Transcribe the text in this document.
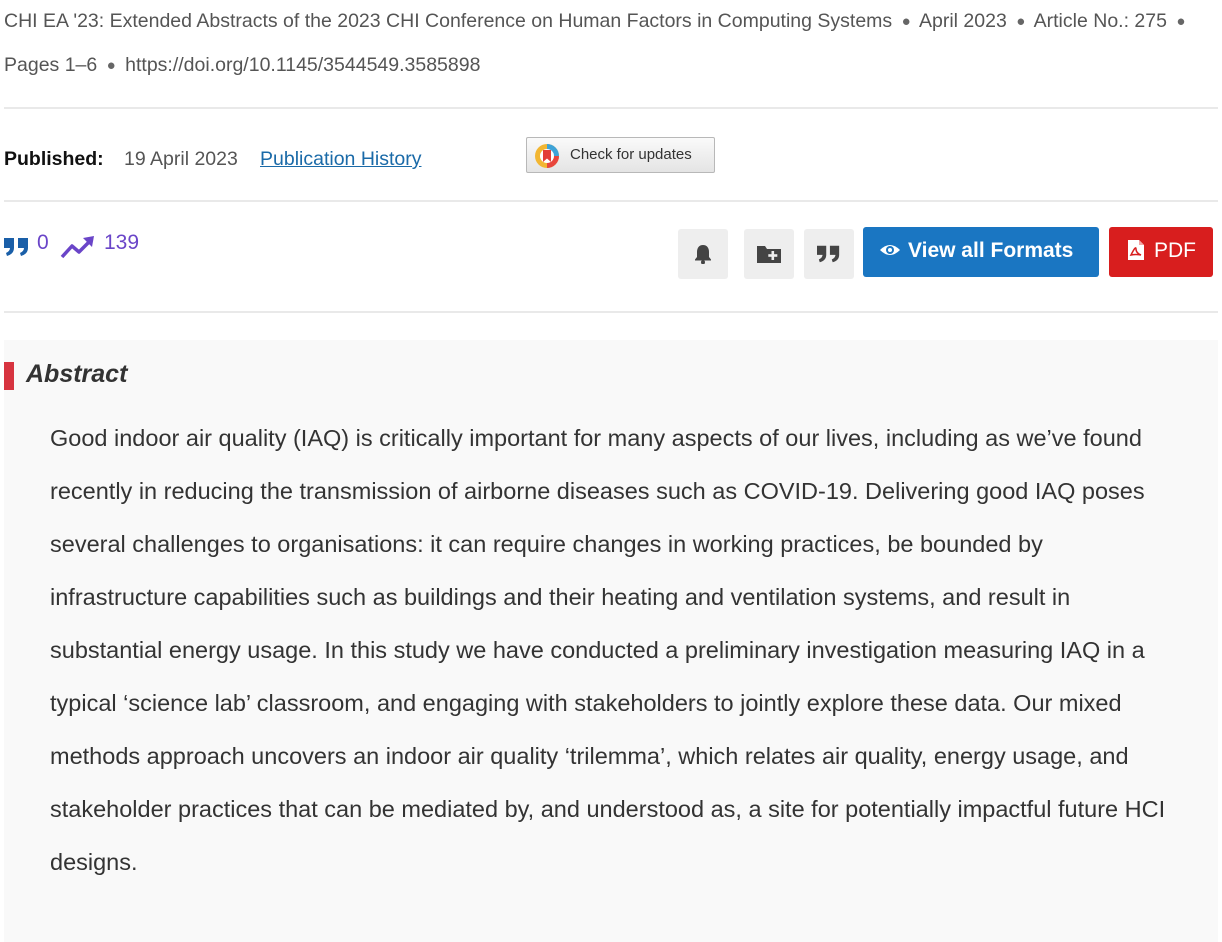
CHI EA '23: Extended Abstracts of the 2023 CHI Conference on Human Factors in Computing Systems ● April 2023 ● Article No.: 275 ● Pages 1–6 ● https://doi.org/10.1145/3544549.3585898
Published: 19 April 2023 Publication History	Check for updates
0	139	View all Formats	PDF
Abstract
Good indoor air quality (IAQ) is critically important for many aspects of our lives, including as we’ve found recently in reducing the transmission of airborne diseases such as COVID-19. Delivering good IAQ poses several challenges to organisations: it can require changes in working practices, be bounded by infrastructure capabilities such as buildings and their heating and ventilation systems, and result in substantial energy usage. In this study we have conducted a preliminary investigation measuring IAQ in a typical ‘science lab’ classroom, and engaging with stakeholders to jointly explore these data. Our mixed methods approach uncovers an indoor air quality ‘trilemma’, which relates air quality, energy usage, and stakeholder practices that can be mediated by, and understood as, a site for potentially impactful future HCI designs.
